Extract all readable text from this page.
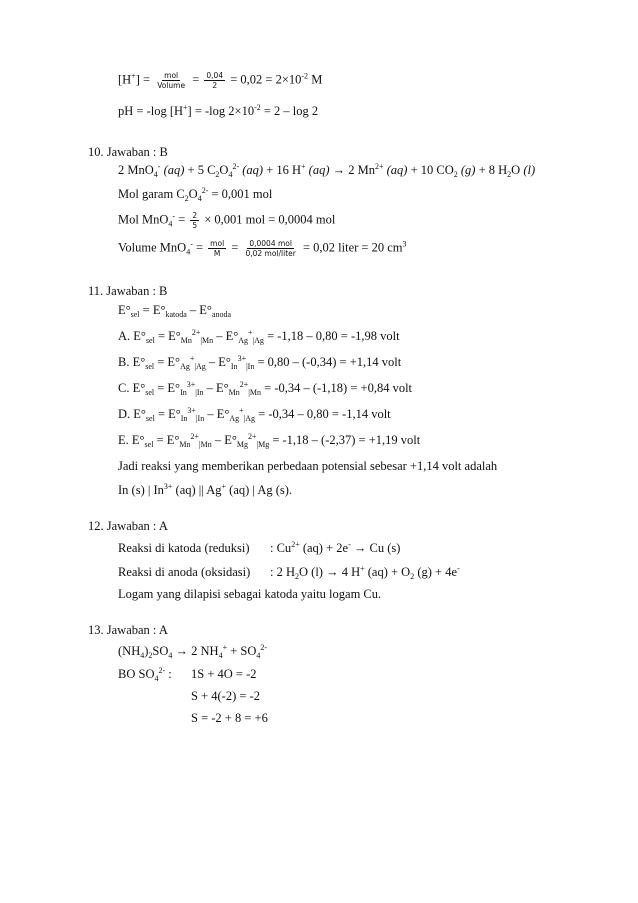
$[H^+] = \frac{\text{mol}}{\text{Volume}} = \frac{0,04}{2} = 0,02 = 2\times 10^{-2}$ M
pH = -log [H+] = -log $2\times 10^{-2} = 2 - \log 2$
10. Jawaban : B
2 MnO$_4$- (aq) + 5 $C_2O_4^{2-}$ (aq) + 16 H+ (aq) → 2 $Mn^{2+}$ (aq) + 10 $CO_2$ (g) + 8 $H_2O$ (l)
Mol garam $C_2O_4^{2-} = 0,001$ mol
Mol $MnO_4^- = \frac{2}{5} \times 0,001$ mol = 0,0004 mol
Volume $MnO_4^- = \frac{\text{mol}}{M} = \frac{\text{0,0004 mol}}{\text{0,02 mol/liter}} = 0,02$ liter = 20 $cm^3$
11. Jawaban : B
$E^\circ_{sel} = E^\circ_{katoda} - E^\circ_{anoda}$
A. $E^\circ_{sel} = E^\circ_{Mn}^{2+}_{|Mn} - E^\circ_{Ag}^+_{|Ag} = -1,18 - 0,80 = -1,98$ volt
B. $E^\circ_{sel} = E^\circ_{Ag}^+_{|Ag} - E^\circ_{In}^{3+}_{|In} = 0,80 - (-0,34) = +1,14$ volt
C. $E^\circ_{sel} = E^\circ_{In}^{3+}_{|In} - E^\circ_{Mn}^{2+}_{|Mn} = -0,34 - (-1,18) = +0,84$ volt
D. $E^\circ_{sel} = E^\circ_{In}^{3+}_{|In} - E^\circ_{Ag}^+_{|Ag} = -0,34 - 0,80 = -1,14$ volt
E. $E^\circ_{sel} = E^\circ_{Mn}^{2+}_{|Mn} - E^\circ_{Mg}^{2+}_{|Mg} = -1,18 - (-2,37) = +1,19$ volt
Jadi reaksi yang memberikan perbedaan potensial sebesar +1,14 volt adalah
In (s) | $In^{3+}$ (aq) || Ag+ (aq) | Ag (s).
12. Jawaban : A
Reaksi di katoda (reduksi) : $Cu^{2+}$ (aq) + 2e- → Cu (s)
Reaksi di anoda (oksidasi) : 2 $H_2O$ (l) → 4 H+ $(aq) + O_2$ (g) + 4e-
Logam yang dilapisi sebagai katoda yaitu logam Cu.
13. Jawaban : A
$(NH_4)_2SO_4 \to 2$ $NH_4^+ + SO_4^{2-}$
BO $SO_4^{2-}$ : 1S + 4O = -2
S + 4(-2) = -2
S = -2 + 8 = +6
